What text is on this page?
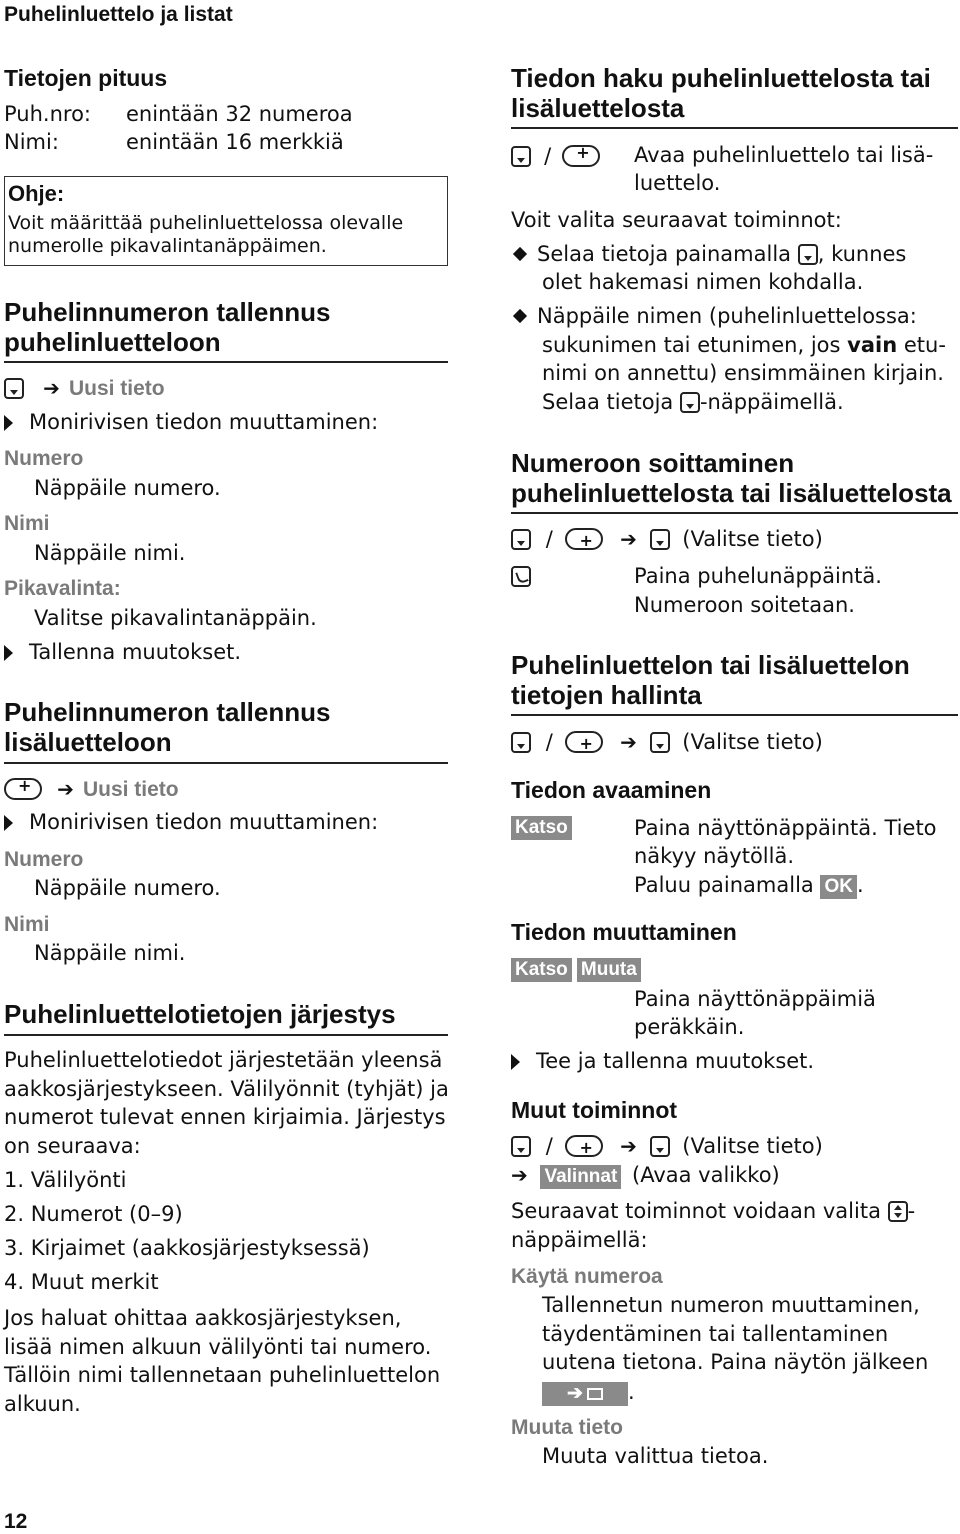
Puhelinluettelo ja listat
Tietojen pituus
Puh.nro: enintään 32 numeroa
Nimi:	enintään 16 merkkiä
Ohje:
Voit määrittää puhelinluettelossa olevalle
numerolle pikavalintanäppäimen.
Puhelinnumeron tallennus
puhelinluetteloon
➔ Uusi tieto
Monirivisen tiedon muuttaminen:
Numero
Näppäile numero.
Nimi
Näppäile nimi.
Pikavalinta:
Valitse pikavalintanäppäin.
Tallenna muutokset.
Puhelinnumeron tallennus
lisäluetteloon
+ ➔ Uusi tieto
Monirivisen tiedon muuttaminen:
Numero
Näppäile numero.
Nimi
Näppäile nimi.
Puhelinluettelotietojen järjestys
Puhelinluettelotiedot järjestetään yleensä
aakkosjärjestykseen. Välilyönnit (tyhjät) ja
numerot tulevat ennen kirjaimia. Järjestys
on seuraava:
1. Välilyönti
2. Numerot (0–9)
3. Kirjaimet (aakkosjärjestyksessä)
4. Muut merkit
Jos haluat ohittaa aakkosjärjestyksen,
lisää nimen alkuun välilyönti tai numero.
Tällöin nimi tallennetaan puhelinluettelon
alkuun.
12
Tiedon haku puhelinluettelosta tai
lisäluettelosta
/ +	Avaa puhelinluettelo tai lisä-
luettelo.
Voit valita seuraavat toiminnot:
Selaa tietoja painamalla , kunnes
olet hakemasi nimen kohdalla.
Näppäile nimen (puhelinluettelossa:
sukunimen tai etunimen, jos vain etu-
nimi on annettu) ensimmäinen kirjain.
Selaa tietoja -näppäimellä.
Numeroon soittaminen
puhelinluettelosta tai lisäluettelosta
/ +	➔ (Valitse tieto)
Paina puhelunäppäintä.
Numeroon soitetaan.
Puhelinluettelon tai lisäluettelon
tietojen hallinta
/ +	➔ (Valitse tieto)
Tiedon avaaminen
Katso	Paina näyttönäppäintä. Tieto
näkyy näytöllä.
Paluu painamalla OK .
Tiedon muuttaminen
Katso Muuta
Paina näyttönäppäimiä
peräkkäin.
Tee ja tallenna muutokset.
Muut toiminnot
/ +	➔ (Valitse tieto)
➔ Valinnat (Avaa valikko)
Seuraavat toiminnot voidaan valita -
näppäimellä:
Käytä numeroa
Tallennetun numeron muuttaminen,
täydentäminen tai tallentaminen
uutena tietona. Paina näytön jälkeen
➔ .
Muuta tieto
Muuta valittua tietoa.
